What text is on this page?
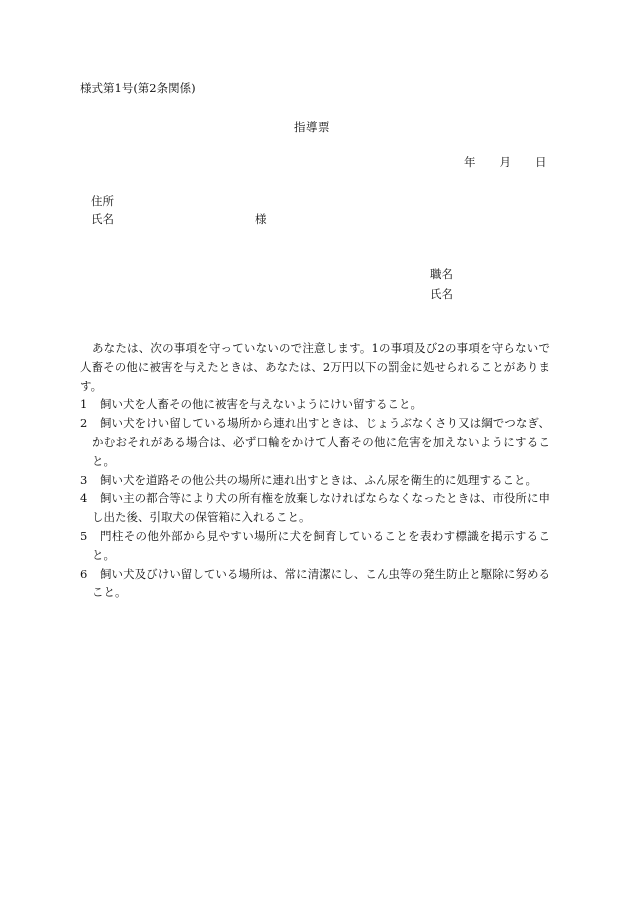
様式第1号(第2条関係)
指導票
年 月 日
住所
氏名	様
職名
氏名

あなたは、次の事項を守っていないので注意します。1の事項及び2の事項を守らないで人畜その他に被害を与えたときは、あなたは、2万円以下の罰金に処せられることがあります。

1	飼い犬を人畜その他に被害を与えないようにけい留すること。
2	飼い犬をけい留している場所から連れ出すときは、じょうぶなくさり又は綱でつなぎ、かむおそれがある場合は、必ず口輪をかけて人畜その他に危害を加えないようにすること。
3	飼い犬を道路その他公共の場所に連れ出すときは、ふん尿を衛生的に処理すること。
4	飼い主の都合等により犬の所有権を放棄しなければならなくなったときは、市役所に申し出た後、引取犬の保管箱に入れること。
5	門柱その他外部から見やすい場所に犬を飼育していることを表わす標識を掲示すること。
6	飼い犬及びけい留している場所は、常に清潔にし、こん虫等の発生防止と駆除に努めること。
